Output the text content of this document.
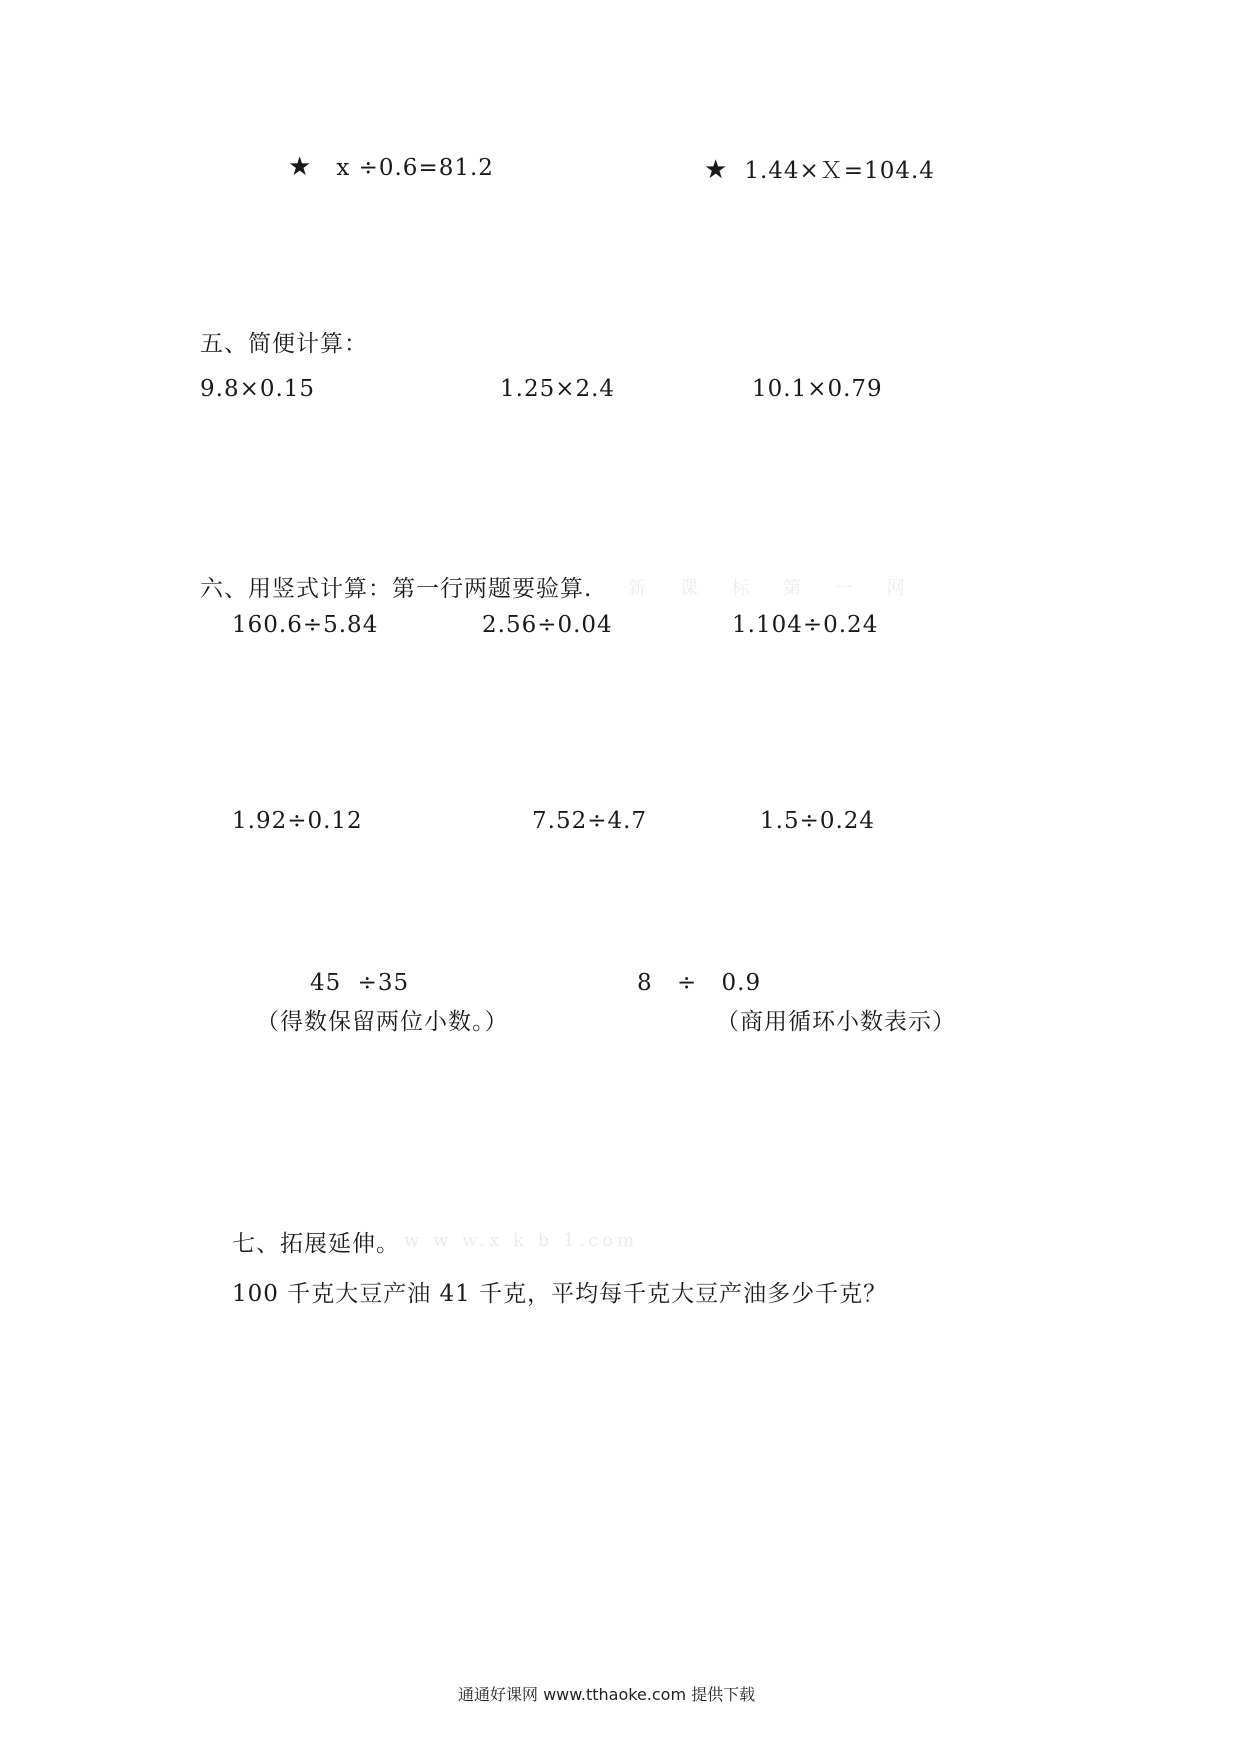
★ x ÷0.6=81.2	★ 1.44×Ｘ=104.4
五、简便计算：
9.8×0.15	1.25×2.4	10.1×0.79
六、用竖式计算：第一行两题要验算. 新 课 标 第 一 网
160.6÷5.84	2.56÷0.04	1.104÷0.24
1.92÷0.12	7.52÷4.7	1.5÷0.24
45 ÷35
（得数保留两位小数。）
8 ÷ 0.9
（商用循环小数表示）
七、拓展延伸。 w w w.x k b 1.com
100 千克大豆产油 41 千克，平均每千克大豆产油多少千克？
通通好课网 www.tthaoke.com 提供下载
